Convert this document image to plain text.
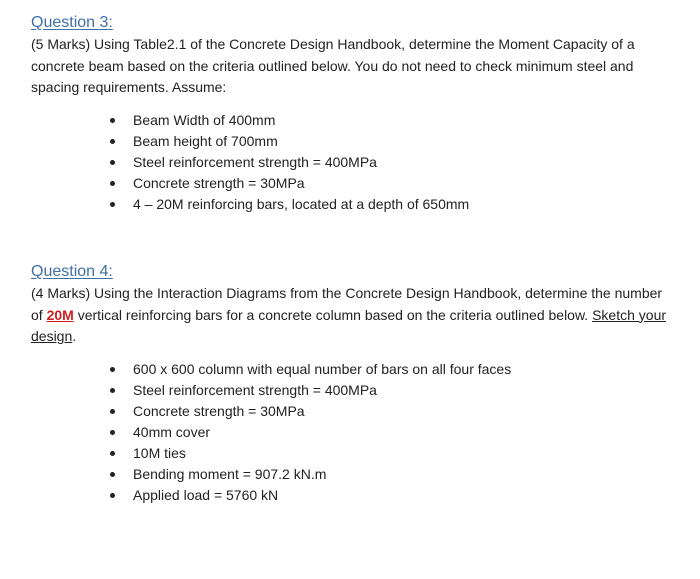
Question 3:

(5 Marks) Using Table2.1 of the Concrete Design Handbook, determine the Moment Capacity of a
concrete beam based on the criteria outlined below. You do not need to check minimum steel and
spacing requirements. Assume:

Beam Width of 400mm
Beam height of 700mm
Steel reinforcement strength = 400MPa
Concrete strength = 30MPa
4 – 20M reinforcing bars, located at a depth of 650mm
Question 4:

(4 Marks) Using the Interaction Diagrams from the Concrete Design Handbook, determine the number
of 20M vertical reinforcing bars for a concrete column based on the criteria outlined below. Sketch your
design.

600 x 600 column with equal number of bars on all four faces
Steel reinforcement strength = 400MPa
Concrete strength = 30MPa
40mm cover
10M ties
Bending moment = 907.2 kN.m
Applied load = 5760 kN
